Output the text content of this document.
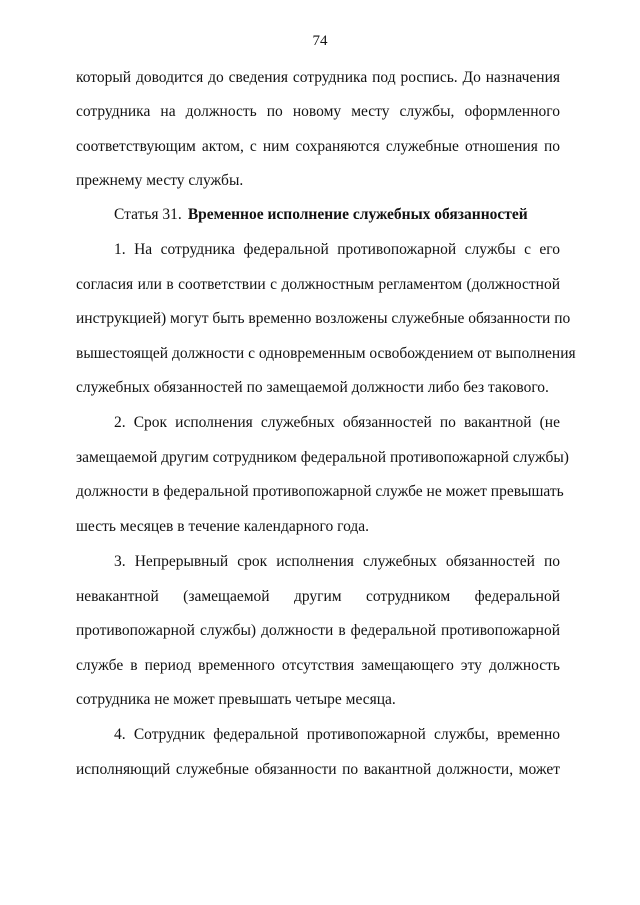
74
который доводится до сведения сотрудника под роспись. До назначения
сотрудника на должность по новому месту службы, оформленного
соответствующим актом, с ним сохраняются служебные отношения по
прежнему месту службы.
Статья 31. Временное исполнение служебных обязанностей
1. На сотрудника федеральной противопожарной службы с его
согласия или в соответствии с должностным регламентом (должностной
инструкцией) могут быть временно возложены служебные обязанности по
вышестоящей должности с одновременным освобождением от выполнения
служебных обязанностей по замещаемой должности либо без такового.
2. Срок исполнения служебных обязанностей по вакантной (не
замещаемой другим сотрудником федеральной противопожарной службы)
должности в федеральной противопожарной службе не может превышать
шесть месяцев в течение календарного года.
3. Непрерывный срок исполнения служебных обязанностей по
невакантной (замещаемой другим сотрудником федеральной
противопожарной службы) должности в федеральной противопожарной
службе в период временного отсутствия замещающего эту должность
сотрудника не может превышать четыре месяца.
4. Сотрудник федеральной противопожарной службы, временно
исполняющий служебные обязанности по вакантной должности, может
